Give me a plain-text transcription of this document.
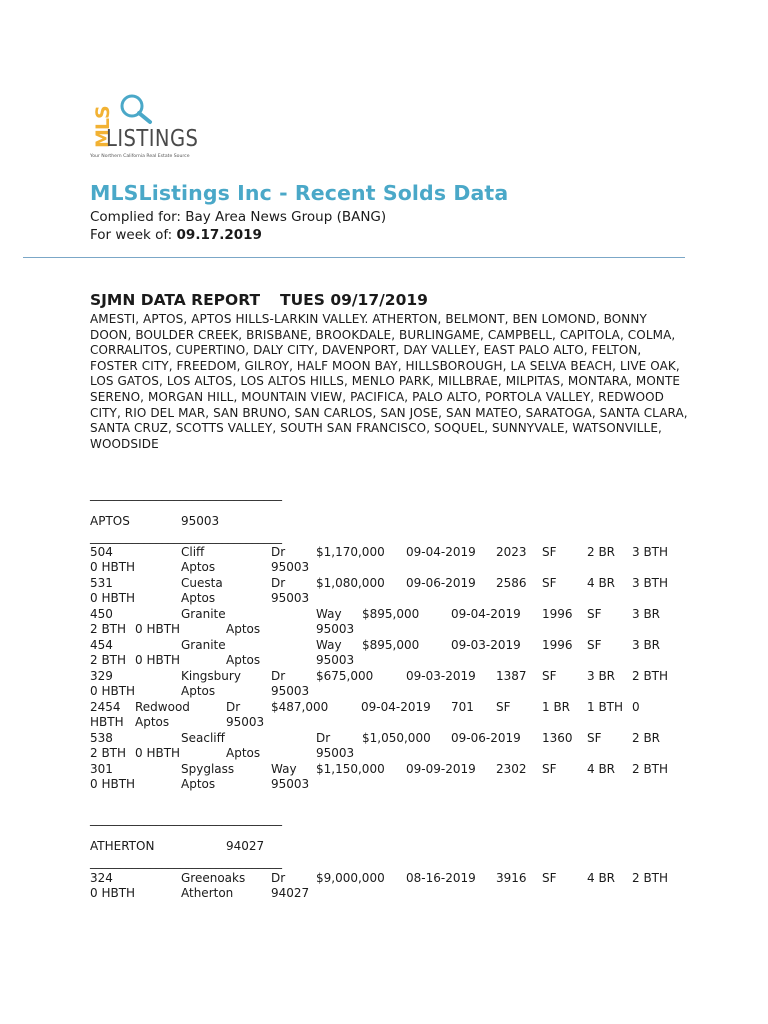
MLS
LISTINGS
Your Northern California Real Estate Source
MLSListings Inc - Recent Solds Data
Complied for: Bay Area News Group (BANG)
For week of: 09.17.2019
SJMN DATA REPORT TUES 09/17/2019
AMESTI, APTOS, APTOS HILLS-LARKIN VALLEY. ATHERTON, BELMONT, BEN LOMOND, BONNY DOON, BOULDER CREEK, BRISBANE, BROOKDALE, BURLINGAME, CAMPBELL, CAPITOLA, COLMA, CORRALITOS, CUPERTINO, DALY CITY, DAVENPORT, DAY VALLEY, EAST PALO ALTO, FELTON, FOSTER CITY, FREEDOM, GILROY, HALF MOON BAY, HILLSBOROUGH, LA SELVA BEACH, LIVE OAK, LOS GATOS, LOS ALTOS, LOS ALTOS HILLS, MENLO PARK, MILLBRAE, MILPITAS, MONTARA, MONTE SERENO, MORGAN HILL, MOUNTAIN VIEW, PACIFICA, PALO ALTO, PORTOLA VALLEY, REDWOOD CITY, RIO DEL MAR, SAN BRUNO, SAN CARLOS, SAN JOSE, SAN MATEO, SARATOGA, SANTA CLARA, SANTA CRUZ, SCOTTS VALLEY, SOUTH SAN FRANCISCO, SOQUEL, SUNNYVALE, WATSONVILLE, WOODSIDE
________________________________
APTOS	95003
________________________________
504	Cliff	Dr	$1,170,000 09-04-2019 2023 SF	2 BR 3 BTH
0 HBTH	Aptos	95003
531	Cuesta	Dr	$1,080,000 09-06-2019 2586 SF	4 BR 3 BTH
0 HBTH	Aptos	95003
450	Granite	Way $895,000	09-04-2019 1996 SF	3 BR
2 BTH 0 HBTH	Aptos	95003
454	Granite	Way $895,000	09-03-2019 1996 SF	3 BR
2 BTH 0 HBTH	Aptos	95003
329	Kingsbury	Dr	$675,000	09-03-2019 1387 SF	3 BR 2 BTH
0 HBTH	Aptos	95003
2454 Redwood	Dr	$487,000	09-04-2019 701 SF	1 BR 1 BTH 0
HBTH Aptos	95003
538	Seacliff	Dr	$1,050,000 09-06-2019 1360 SF	2 BR
2 BTH 0 HBTH	Aptos	95003
301	Spyglass	Way $1,150,000 09-09-2019 2302 SF	4 BR 2 BTH
0 HBTH	Aptos	95003
________________________________
ATHERTON	94027
________________________________
324	Greenoaks Dr	$9,000,000 08-16-2019 3916 SF	4 BR 2 BTH
0 HBTH	Atherton	94027
